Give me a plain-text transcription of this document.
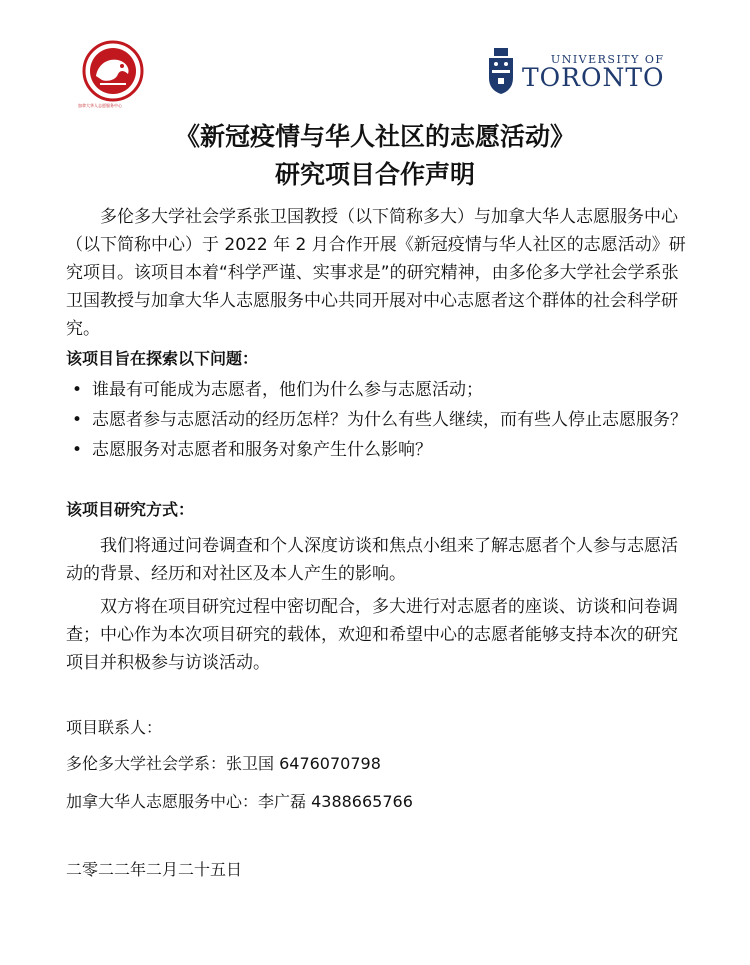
加拿大华人志愿服务中心
UNIVERSITY OF
TORONTO
《新冠疫情与华人社区的志愿活动》
研究项目合作声明

多伦多大学社会学系张卫国教授（以下简称多大）与加拿大华人志愿服务中心（以下简称中心）于 2022 年 2 月合作开展《新冠疫情与华人社区的志愿活动》研究项目。该项目本着“科学严谨、实事求是”的研究精神，由多伦多大学社会学系张卫国教授与加拿大华人志愿服务中心共同开展对中心志愿者这个群体的社会科学研究。

该项目旨在探索以下问题：

• 谁最有可能成为志愿者，他们为什么参与志愿活动；
• 志愿者参与志愿活动的经历怎样？为什么有些人继续，而有些人停止志愿服务？
• 志愿服务对志愿者和服务对象产生什么影响？

该项目研究方式：

我们将通过问卷调查和个人深度访谈和焦点小组来了解志愿者个人参与志愿活动的背景、经历和对社区及本人产生的影响。

双方将在项目研究过程中密切配合，多大进行对志愿者的座谈、访谈和问卷调查；中心作为本次项目研究的载体，欢迎和希望中心的志愿者能够支持本次的研究项目并积极参与访谈活动。

项目联系人：

多伦多大学社会学系：张卫国 6476070798

加拿大华人志愿服务中心：李广磊 4388665766

二零二二年二月二十五日
